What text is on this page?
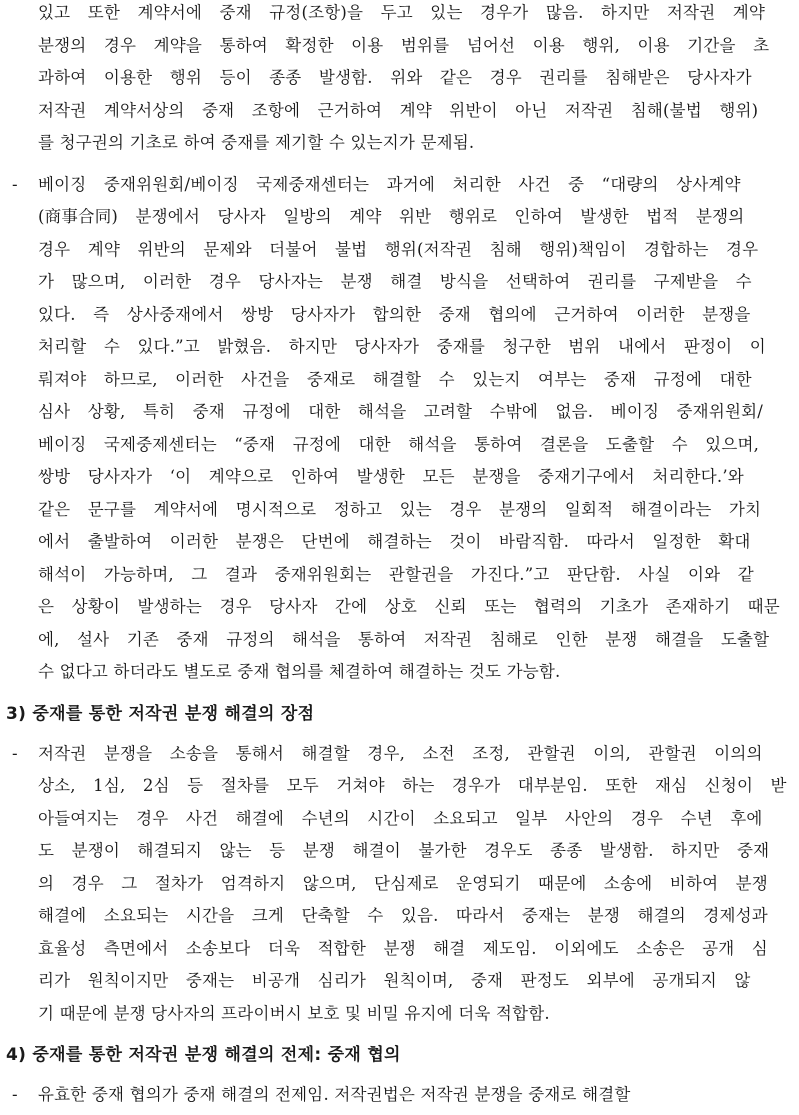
있고 또한 계약서에 중재 규정(조항)을 두고 있는 경우가 많음. 하지만 저작권 계약
분쟁의 경우 계약을 통하여 확정한 이용 범위를 넘어선 이용 행위, 이용 기간을 초
과하여 이용한 행위 등이 종종 발생함. 위와 같은 경우 권리를 침해받은 당사자가
저작권 계약서상의 중재 조항에 근거하여 계약 위반이 아닌 저작권 침해(불법 행위)
를 청구권의 기초로 하여 중재를 제기할 수 있는지가 문제됨.
- 베이징 중재위원회/베이징 국제중재센터는 과거에 처리한 사건 중 “대량의 상사계약
(商事合同) 분쟁에서 당사자 일방의 계약 위반 행위로 인하여 발생한 법적 분쟁의
경우 계약 위반의 문제와 더불어 불법 행위(저작권 침해 행위)책임이 경합하는 경우
가 많으며, 이러한 경우 당사자는 분쟁 해결 방식을 선택하여 권리를 구제받을 수
있다. 즉 상사중재에서 쌍방 당사자가 합의한 중재 협의에 근거하여 이러한 분쟁을
처리할 수 있다.”고 밝혔음. 하지만 당사자가 중재를 청구한 범위 내에서 판정이 이
뤄져야 하므로, 이러한 사건을 중재로 해결할 수 있는지 여부는 중재 규정에 대한
심사 상황, 특히 중재 규정에 대한 해석을 고려할 수밖에 없음. 베이징 중재위원회/
베이징 국제중제센터는 “중재 규정에 대한 해석을 통하여 결론을 도출할 수 있으며,
쌍방 당사자가 ‘이 계약으로 인하여 발생한 모든 분쟁을 중재기구에서 처리한다.’와
같은 문구를 계약서에 명시적으로 정하고 있는 경우 분쟁의 일회적 해결이라는 가치
에서 출발하여 이러한 분쟁은 단번에 해결하는 것이 바람직함. 따라서 일정한 확대
해석이 가능하며, 그 결과 중재위원회는 관할권을 가진다.”고 판단함. 사실 이와 같
은 상황이 발생하는 경우 당사자 간에 상호 신뢰 또는 협력의 기초가 존재하기 때문
에, 설사 기존 중재 규정의 해석을 통하여 저작권 침해로 인한 분쟁 해결을 도출할
수 없다고 하더라도 별도로 중재 협의를 체결하여 해결하는 것도 가능함.
3) 중재를 통한 저작권 분쟁 해결의 장점
- 저작권 분쟁을 소송을 통해서 해결할 경우, 소전 조정, 관할권 이의, 관할권 이의의
상소, 1심, 2심 등 절차를 모두 거쳐야 하는 경우가 대부분임. 또한 재심 신청이 받
아들여지는 경우 사건 해결에 수년의 시간이 소요되고 일부 사안의 경우 수년 후에
도 분쟁이 해결되지 않는 등 분쟁 해결이 불가한 경우도 종종 발생함. 하지만 중재
의 경우 그 절차가 엄격하지 않으며, 단심제로 운영되기 때문에 소송에 비하여 분쟁
해결에 소요되는 시간을 크게 단축할 수 있음. 따라서 중재는 분쟁 해결의 경제성과
효율성 측면에서 소송보다 더욱 적합한 분쟁 해결 제도임. 이외에도 소송은 공개 심
리가 원칙이지만 중재는 비공개 심리가 원칙이며, 중재 판정도 외부에 공개되지 않
기 때문에 분쟁 당사자의 프라이버시 보호 및 비밀 유지에 더욱 적합함.
4) 중재를 통한 저작권 분쟁 해결의 전제: 중재 협의
- 유효한 중재 협의가 중재 해결의 전제임. 저작권법은 저작권 분쟁을 중재로 해결할
